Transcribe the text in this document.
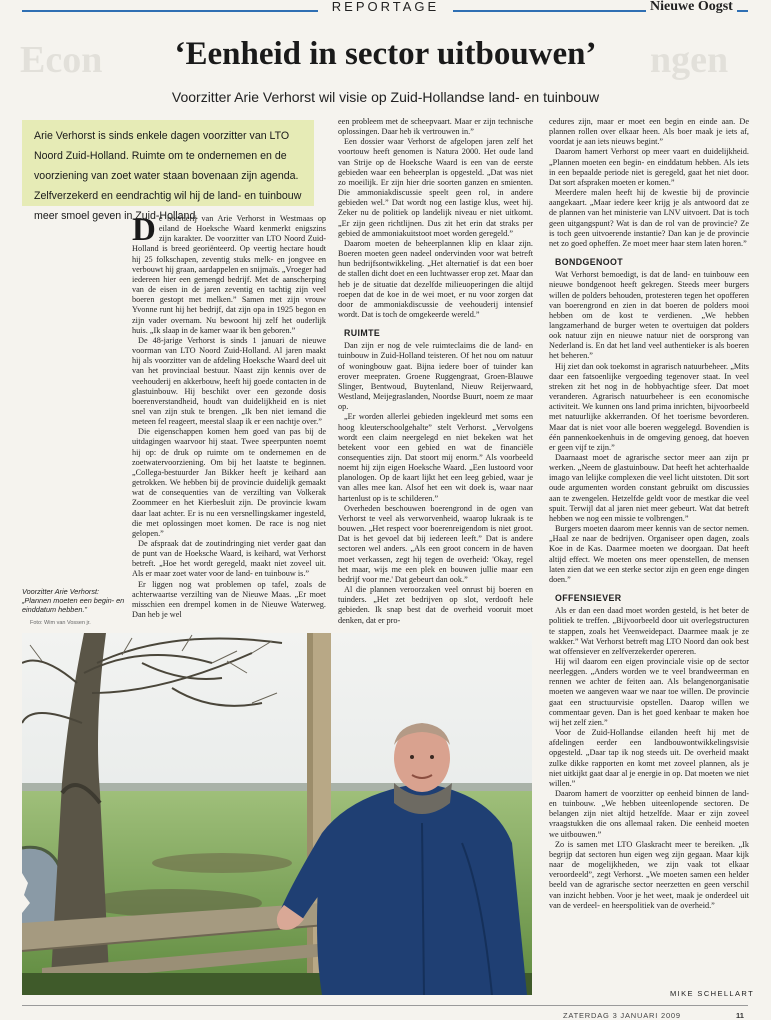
Econ	ngen
REPORTAGE	Nieuwe Oogst
‘Eenheid in sector uitbouwen’
Voorzitter Arie Verhorst wil visie op Zuid-Hollandse land- en tuinbouw
Arie Verhorst is sinds enkele dagen voorzitter van LTO Noord Zuid-Holland. Ruimte om te ondernemen en de voorziening van zoet water staan bovenaan zijn agenda. Zelfverzekerd en eendrachtig wil hij de land- en tuinbouw meer smoel geven in Zuid-Holland.
D e boerderij van Arie Verhorst in Westmaas op eiland de Hoeksche Waard kenmerkt enigszins zijn karakter. De voorzitter van LTO Noord Zuid-Holland is breed georiënteerd. Op veertig hectare houdt hij 25 folkschapen, zeventig stuks melk- en jongvee en verbouwt hij graan, aardappelen en snijmaïs. „Vroeger had iedereen hier een gemengd bedrijf. Met de aanscherping van de eisen in de jaren zeventig en tachtig zijn veel boeren gestopt met melken.” Samen met zijn vrouw Yvonne runt hij het bedrijf, dat zijn opa in 1925 begon en zijn vader overnam. Nu bewoont hij zelf het ouderlijk huis. „Ik slaap in de kamer waar ik ben geboren.”

De 48-jarige Verhorst is sinds 1 januari de nieuwe voorman van LTO Noord Zuid-Holland. Al jaren maakt hij als voorzitter van de afdeling Hoeksche Waard deel uit van het provinciaal bestuur. Naast zijn kennis over de veehouderij en akkerbouw, heeft hij goede contacten in de glastuinbouw. Hij beschikt over een gezonde dosis boerenverstandheid, houdt van duidelijkheid en is niet snel van zijn stuk te brengen. „Ik ben niet iemand die meteen fel reageert, meestal slaap ik er een nachtje over.”

Die eigenschappen komen hem goed van pas bij de uitdagingen waarvoor hij staat. Twee speerpunten noemt hij op: de druk op ruimte om te ondernemen en de zoetwatervoorziening. Om bij het laatste te beginnen. „Collega-bestuurder Jan Bikker heeft je keihard aan getrokken. We hebben bij de provincie duidelijk gemaakt wat de consequenties van de verzilting van Volkerak Zoommeer en het Kierbesluit zijn. De provincie kwam daar laat achter. Er is nu een versnellingskamer ingesteld, die met oplossingen moet komen. De race is nog niet gelopen.”

De afspraak dat de zoutindringing niet verder gaat dan de punt van de Hoeksche Waard, is keihard, wat Verhorst betreft. „Hoe het wordt geregeld, maakt niet zoveel uit. Als er maar zoet water voor de land- en tuinbouw is.”

Er liggen nog wat problemen op tafel, zoals de achterwaartse verzilting van de Nieuwe Maas. „Er moet misschien een drempel komen in de Nieuwe Waterweg. Dan heb je wel

een probleem met de scheepvaart. Maar er zijn technische oplossingen. Daar heb ik vertrouwen in.”

Een dossier waar Verhorst de afgelopen jaren zelf het voortouw heeft genomen is Natura 2000. Het oude land van Strije op de Hoeksche Waard is een van de eerste gebieden waar een beheerplan is opgesteld. „Dat was niet zo moeilijk. Er zijn hier drie soorten ganzen en smienten. Die ammoniakdiscussie speelt geen rol, in andere gebieden wel.” Dat wordt nog een lastige klus, weet hij. Zeker nu de politiek op landelijk niveau er niet uitkomt. „Er zijn geen richtlijnen. Dus zit het erin dat straks per gebied de ammoniakuitstoot moet worden geregeld.”

Daarom moeten de beheerplannen klip en klaar zijn. Boeren moeten geen nadeel ondervinden voor wat betreft hun bedrijfsontwikkeling. „Het alternatief is dat een boer de stallen dicht doet en een luchtwasser erop zet. Maar dan heb je de situatie dat dezelfde milieuoperingen die altijd roepen dat de koe in de wei moet, er nu voor zorgen dat door de ammoniakdiscussie de veehouderij intensief wordt. Dat is toch de omgekeerde wereld.”

RUIMTE

Dan zijn er nog de vele ruimteclaims die de land- en tuinbouw in Zuid-Holland teisteren. Of het nou om natuur of woningbouw gaat. Bijna iedere boer of tuinder kan erover meepraten. Groene Ruggengraat, Groen-Blauwe Slinger, Bentwoud, Buytenland, Nieuw Reijerwaard, Westland, Meijegraslanden, Noordse Buurt, noem ze maar op.

„Er worden allerlei gebieden ingekleurd met soms een hoog kleuterschoolgehalte” stelt Verhorst. „Vervolgens wordt een claim neergelegd en niet bekeken wat het betekent voor een gebied en wat de financiële consequenties zijn. Dat stoort mij enorm.” Als voorbeeld noemt hij zijn eigen Hoeksche Waard. „Een lustoord voor planologen. Op de kaart lijkt het een leeg gebied, waar je van alles mee kan. Alsof het een wit doek is, waar naar hartenlust op is te schilderen.”

Overheden beschouwen boerengrond in de ogen van Verhorst te veel als verworvenheid, waarop lukraak is te bouwen. „Het respect voor boerenreigendom is niet groot. Dat is het gevoel dat bij iedereen leeft.” Dat is andere sectoren wel anders. „Als een groot concern in de haven moet verkassen, zegt hij tegen de overheid: 'Okay, regel het maar, wijs me een plek en bouwen jullie maar een bedrijf voor me.' Dat gebeurt dan ook.”

Al die plannen veroorzaken veel onrust bij boeren en tuinders. „Het zet bedrijven op slot, verdooft hele gebieden. Ik snap best dat de overheid vooruit moet denken, dat er pro-

cedures zijn, maar er moet een begin en einde aan. De plannen rollen over elkaar heen. Als boer maak je iets af, voordat je aan iets nieuws begint.”

Daarom hamert Verhorst op meer vaart en duidelijkheid. „Plannen moeten een begin- en einddatum hebben. Als iets in een bepaalde periode niet is geregeld, gaat het niet door. Dat sort afspraken moeten er komen.”

Meerdere malen heeft hij de kwestie bij de provincie aangekaart. „Maar iedere keer krijg je als antwoord dat ze de plannen van het ministerie van LNV uitvoert. Dat is toch geen uitgangspunt? Wat is dan de rol van de provincie? Ze is toch geen uitvoerende instantie? Dan kan je de provincie net zo goed opheffen. Ze moet meer haar stem laten horen.”

BONDGENOOT

Wat Verhorst bemoedigt, is dat de land- en tuinbouw een nieuwe bondgenoot heeft gekregen. Steeds meer burgers willen de polders behouden, protesteren tegen het opofferen van boerengrond en zien in dat boeren de polders mooi hebben om de kost te verdienen. „We hebben langzamerhand de burger weten te overtuigen dat polders ook natuur zijn en nieuwe natuur niet de oorsprong van Nederland is. En dat het land veel authentieker is als boeren het beheren.”

Hij ziet dan ook toekomst in agrarisch natuurbeheer. „Mits daar een fatsoenlijke vergoeding tegenover staat. In veel streken zit het nog in de hobbyachtige sfeer. Dat moet veranderen. Agrarisch natuurbeheer is een economische activiteit. We kunnen ons land prima inrichten, bijvoorbeeld met natuurlijke akkerranden. Of het toerisme bevorderen. Maar dat is niet voor alle boeren weggelegd. Bovendien is één pannenkoekenhuis in de omgeving genoeg, dat hoeven er geen vijf te zijn.”

Daarnaast moet de agrarische sector meer aan zijn pr werken. „Neem de glastuinbouw. Dat heeft het achterhaalde imago van lelijke complexen die veel licht uitstoten. Dit sort oude argumenten worden constant gebruikt om discussies aan te zwengelen. Hetzelfde geldt voor de mestkar die veel spuit. Terwijl dat al jaren niet meer gebeurt. Wat dat betreft hebben we nog een missie te volbrengen.”

Burgers moeten daarom meer kennis van de sector nemen. „Haal ze naar de bedrijven. Organiseer open dagen, zoals Koe in de Kas. Daarmee moeten we doorgaan. Dat heeft altijd effect. We moeten ons meer openstellen, de mensen laten zien dat we een sterke sector zijn en geen enge dingen doen.”

OFFENSIEVER

Als er dan een daad moet worden gesteld, is het beter de politiek te treffen. „Bijvoorbeeld door uit overlegstructuren te stappen, zoals het Veenweidepact. Daarmee maak je ze wakker.” Wat Verhorst betreft mag LTO Noord dan ook best wat offensiever en zelfverzekerder opereren.

Hij wil daarom een eigen provinciale visie op de sector neerleggen. „Anders worden we te veel brandweerman en rennen we achter de feiten aan. Als belangenorganisatie moeten we aangeven waar we naar toe willen. De provincie gaat een structuurvisie opstellen. Daarop willen we commentaar geven. Dan is het goed kenbaar te maken hoe wij het zelf zien.”

Voor de Zuid-Hollandse eilanden heeft hij met de afdelingen eerder een landbouwontwikkelingsvisie opgesteld. „Daar tap ik nog steeds uit. De overheid maakt zulke dikke rapporten en komt met zoveel plannen, als je niet uitkijkt gaat daar al je energie in op. Dat moeten we niet willen.”

Daarom hamert de voorzitter op eenheid binnen de land- en tuinbouw. „We hebben uiteenlopende sectoren. De belangen zijn niet altijd hetzelfde. Maar er zijn zoveel vraagstukken die ons allemaal raken. Die eenheid moeten we uitbouwen.”

Zo is samen met LTO Glaskracht meer te bereiken. „Ik begrijp dat sectoren hun eigen weg zijn gegaan. Maar kijk naar de mogelijkheden, we zijn vaak tot elkaar veroordeeld”, zegt Verhorst. „We moeten samen een helder beeld van de agrarische sector neerzetten en geen verschil van inzicht hebben. Voor je het weet, maak je onderdeel uit van de verdeel- en heerspolitiek van de overheid.”

Voorzitter Arie Verhorst: „Plannen moeten een begin- en einddatum hebben.”
Foto: Wim van Vossen jr.
MIKE SCHELLART
ZATERDAG 3 JANUARI 2009	11
